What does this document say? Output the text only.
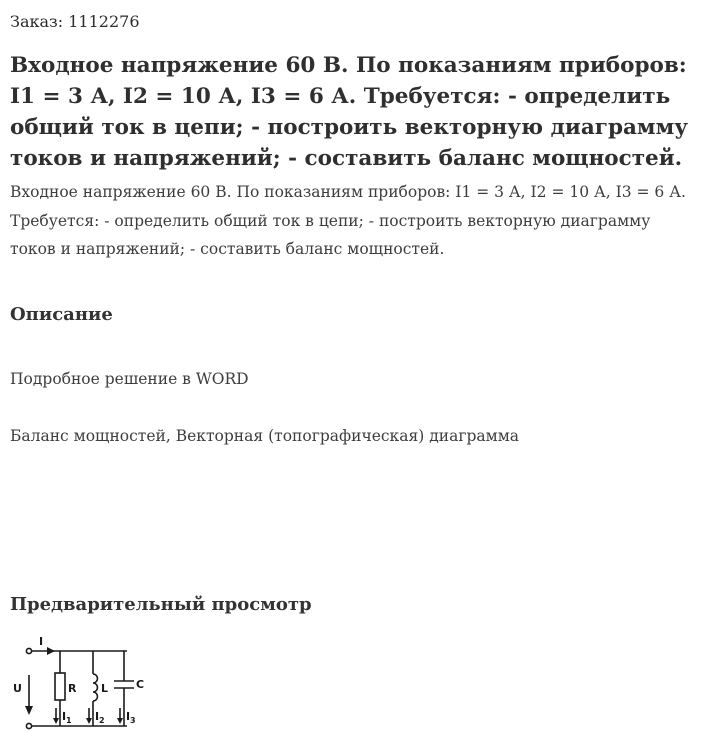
Заказ: 1112276
Входное напряжение 60 В. По показаниям приборов: I1 = 3 А, I2 = 10 А, I3 = 6 А. Требуется: - определить общий ток в цепи; - построить векторную диаграмму токов и напряжений; - составить баланс мощностей.

Входное напряжение 60 В. По показаниям приборов: I1 = 3 А, I2 = 10 А, I3 = 6 А. Требуется: - определить общий ток в цепи; - построить векторную диаграмму токов и напряжений; - составить баланс мощностей.

Описание

Подробное решение в WORD

Баланс мощностей, Векторная (топографическая) диаграмма

Предварительный просмотр
I
U	R L	C
I 1 I 2 I 3
